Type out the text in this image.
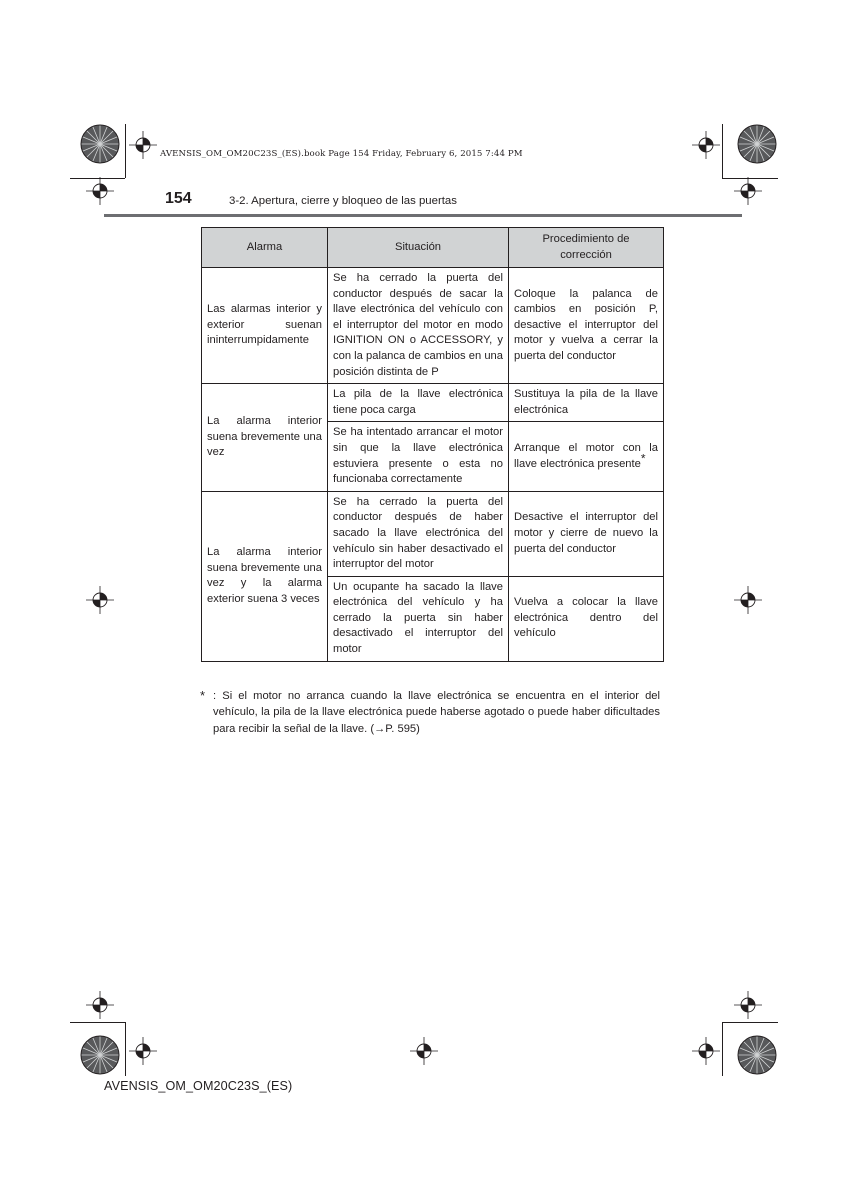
AVENSIS_OM_OM20C23S_(ES).book Page 154 Friday, February 6, 2015 7:44 PM
154	3-2. Apertura, cierre y bloqueo de las puertas
Alarma	Situación	Procedimiento de corrección
Las alarmas interior y exterior suenan ininterrumpidamente	Se ha cerrado la puerta del conductor después de sacar la llave electrónica del vehículo con el interruptor del motor en modo IGNITION ON o ACCESSORY, y con la palanca de cambios en una posición distinta de P	Coloque la palanca de cambios en posición P, desactive el interruptor del motor y vuelva a cerrar la puerta del conductor
La alarma interior suena brevemente una vez	La pila de la llave electrónica tiene poca carga	Sustituya la pila de la llave electrónica
	Se ha intentado arrancar el motor sin que la llave electrónica estuviera presente o esta no funcionaba correctamente	Arranque el motor con la llave electrónica presente*
La alarma interior suena brevemente una vez y la alarma exterior suena 3 veces	Se ha cerrado la puerta del conductor después de haber sacado la llave electrónica del vehículo sin haber desactivado el interruptor del motor	Desactive el interruptor del motor y cierre de nuevo la puerta del conductor
	Un ocupante ha sacado la llave electrónica del vehículo y ha cerrado la puerta sin haber desactivado el interruptor del motor	Vuelva a colocar la llave electrónica dentro del vehículo
* : Si el motor no arranca cuando la llave electrónica se encuentra en el interior del vehículo, la pila de la llave electrónica puede haberse agotado o puede haber dificultades para recibir la señal de la llave. (→P. 595)
AVENSIS_OM_OM20C23S_(ES)
